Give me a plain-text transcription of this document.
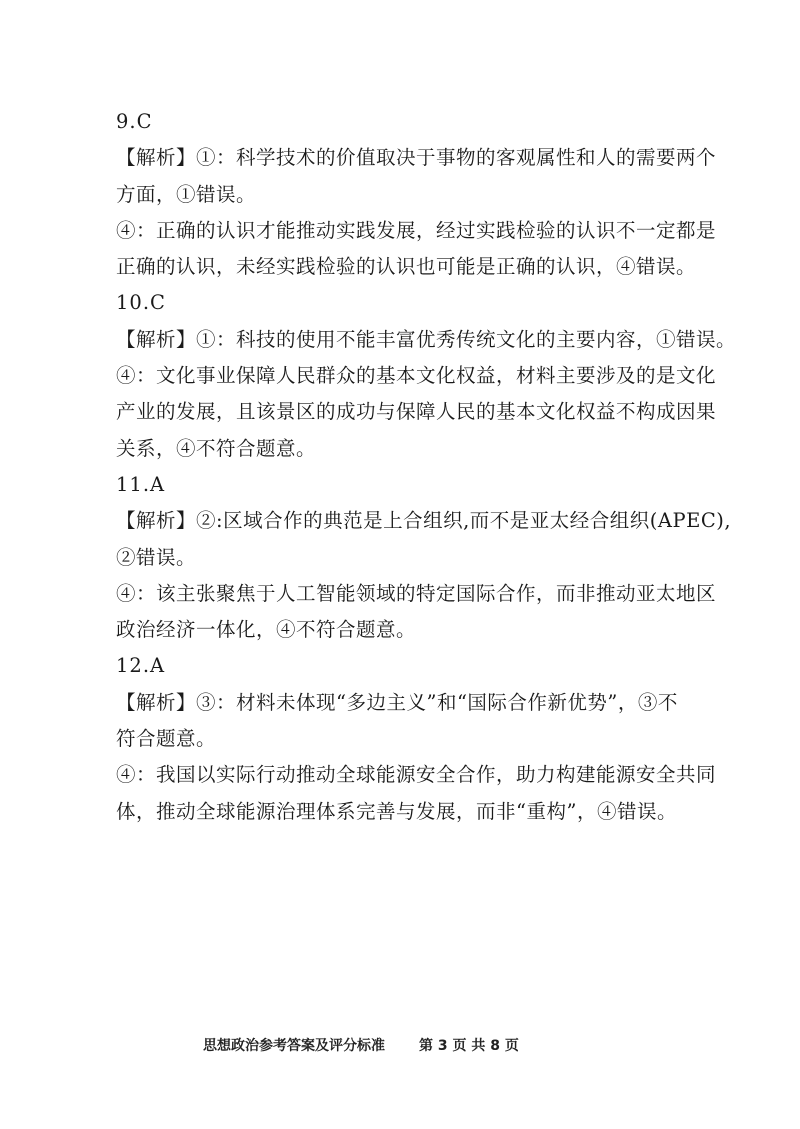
9.C
【解析】①：科学技术的价值取决于事物的客观属性和人的需要两个
方面，①错误。
④：正确的认识才能推动实践发展，经过实践检验的认识不一定都是
正确的认识，未经实践检验的认识也可能是正确的认识，④错误。
10.C
【解析】①：科技的使用不能丰富优秀传统文化的主要内容，①错误。
④：文化事业保障人民群众的基本文化权益，材料主要涉及的是文化
产业的发展，且该景区的成功与保障人民的基本文化权益不构成因果
关系，④不符合题意。
11.A
【解析】②:区域合作的典范是上合组织,而不是亚太经合组织(APEC),
②错误。
④：该主张聚焦于人工智能领域的特定国际合作，而非推动亚太地区
政治经济一体化，④不符合题意。
12.A
【解析】③：材料未体现“多边主义”和“国际合作新优势”，③不
符合题意。
④：我国以实际行动推动全球能源安全合作，助力构建能源安全共同
体，推动全球能源治理体系完善与发展，而非“重构”，④错误。
思想政治参考答案及评分标准 第 3 页 共 8 页
